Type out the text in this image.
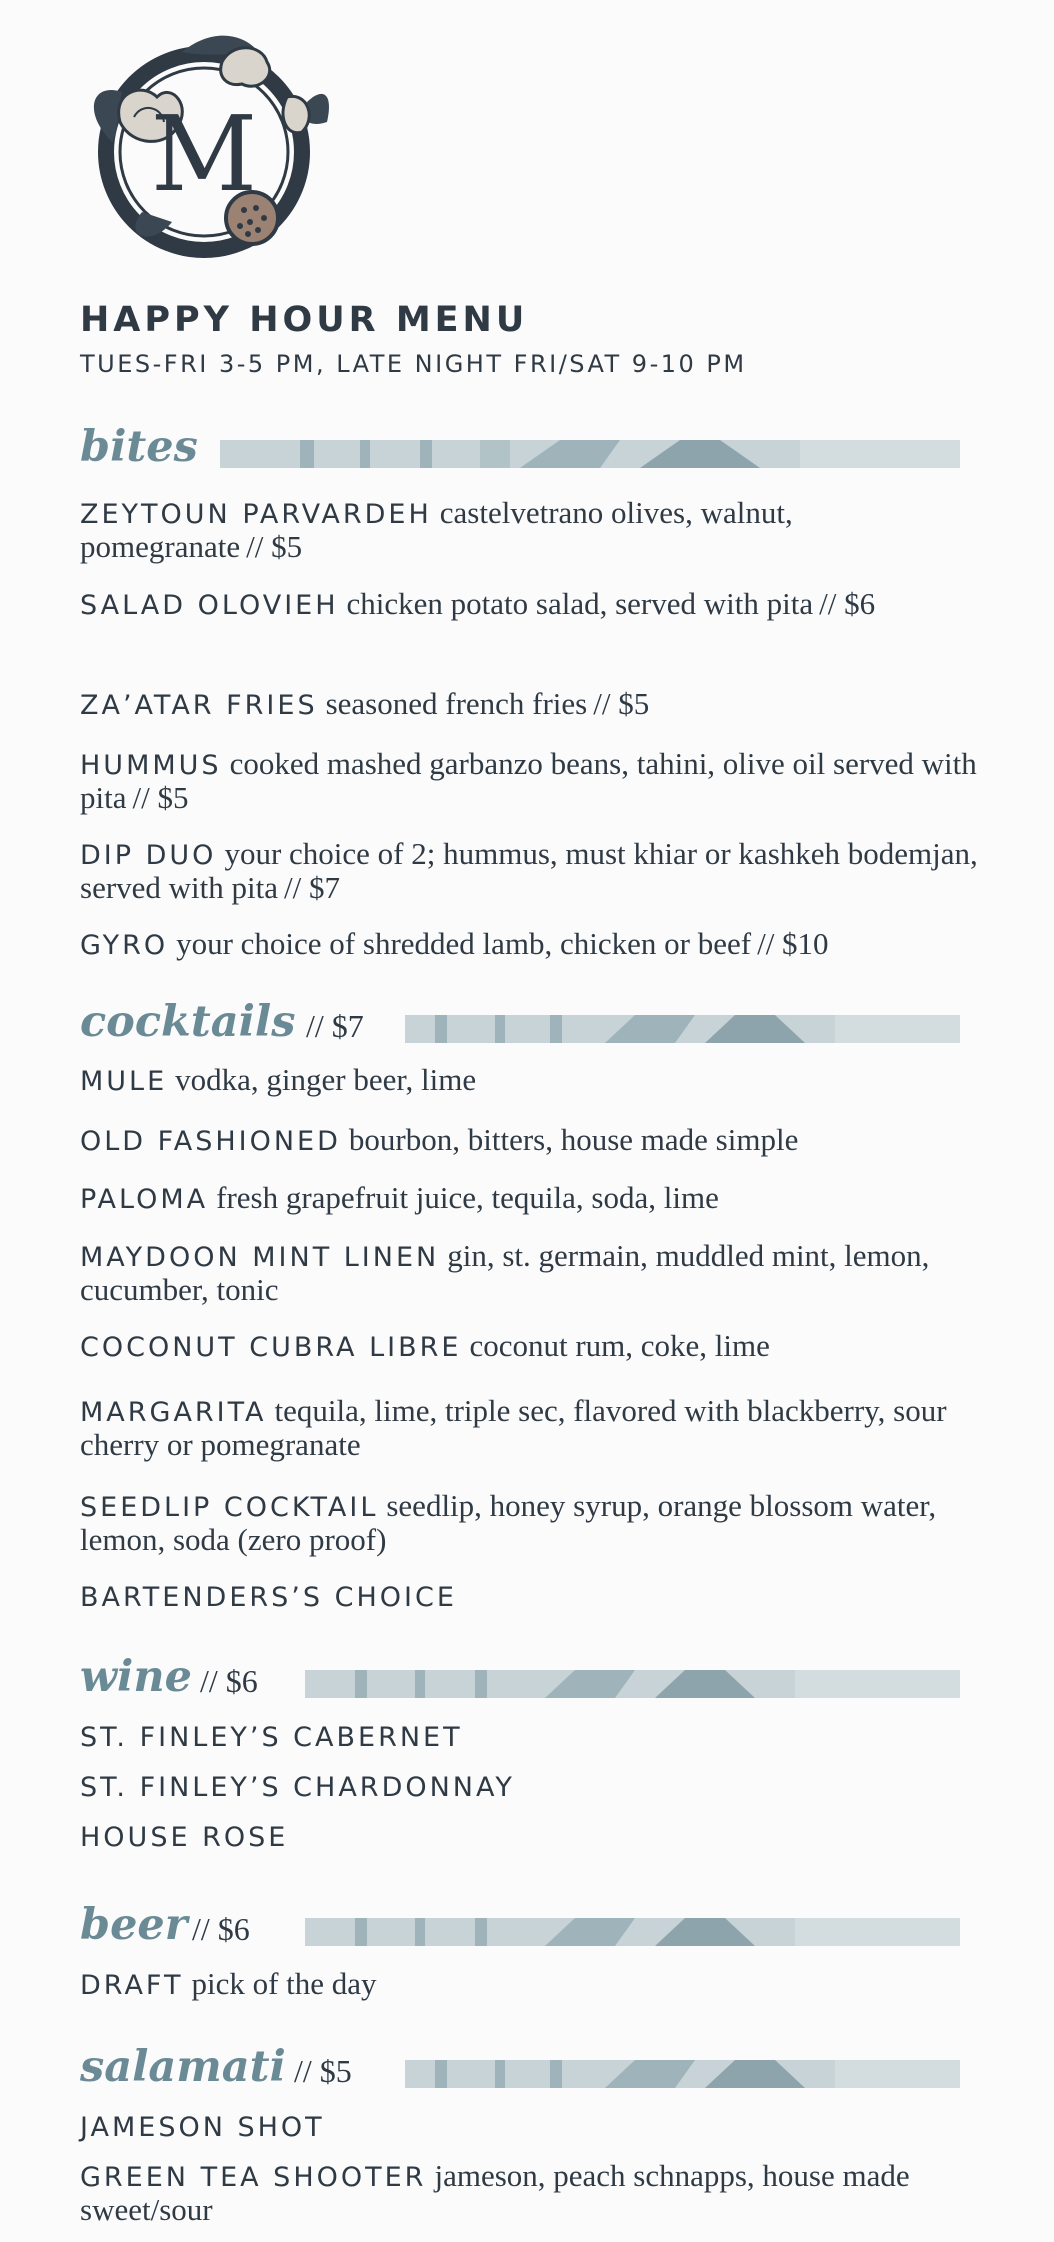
M
HAPPY HOUR MENU
TUES-FRI 3-5 PM, LATE NIGHT FRI/SAT 9-10 PM
bites
ZEYTOUN PARVARDEH castelvetrano olives, walnut, pomegranate // $5
SALAD OLOVIEH chicken potato salad, served with pita // $6
ZA’ATAR FRIES seasoned french fries // $5
HUMMUS cooked mashed garbanzo beans, tahini, olive oil served with pita // $5
DIP DUO your choice of 2; hummus, must khiar or kashkeh bodemjan, served with pita // $7
GYRO your choice of shredded lamb, chicken or beef // $10
cocktails // $7
MULE vodka, ginger beer, lime
OLD FASHIONED bourbon, bitters, house made simple
PALOMA fresh grapefruit juice, tequila, soda, lime
MAYDOON MINT LINEN gin, st. germain, muddled mint, lemon, cucumber, tonic
COCONUT CUBRA LIBRE coconut rum, coke, lime
MARGARITA tequila, lime, triple sec, flavored with blackberry, sour cherry or pomegranate
SEEDLIP COCKTAIL seedlip, honey syrup, orange blossom water, lemon, soda (zero proof)
BARTENDERS’S CHOICE
wine // $6
ST. FINLEY’S CABERNET
ST. FINLEY’S CHARDONNAY
HOUSE ROSE
beer // $6
DRAFT pick of the day
salamati // $5
JAMESON SHOT
GREEN TEA SHOOTER jameson, peach schnapps, house made sweet/sour
